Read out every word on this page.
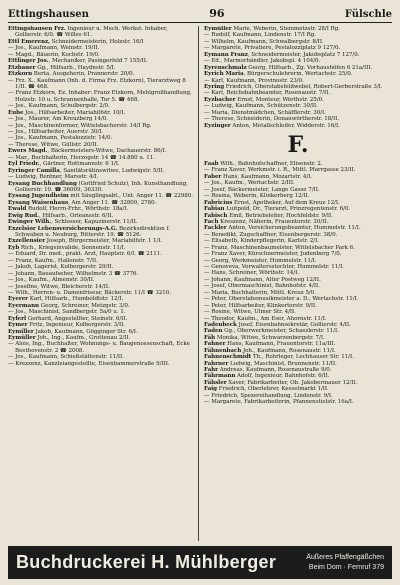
Ettingshausen	96	Fülschle

Ettingshausen Frz. Ingenieur u. Mech. Werkst. Inhaber, Gollierstr. 6/0. ☎ Willes 61.

Ettl Emerenz, Schneidermeisterin, Holzstr. 16/I

— Jos., Kaufmann, Weinstr. 19/II.

— Magd., Bäuerin, Kochstr. 19/0.

Ettlinger Jos., Mechaniker, Pasingerfeld 7 155/II.

Etzbauer Gg., Hilfsarb., Haydnstr. 5/I.

Etzkorn Berta, Ausgeherin, Prannerstr. 20/0.

— Frz. X., Kaufmann (Inh. d. Firma Frz. Etzkorn), Tierarztweg 8 1/II. ☎ 468.

— Franz Etzkorn, Ez. Inhaber: Franz Etzkorn, Mehlgroßhandlung, Holzstr. 10 u. Schrannenhalle, Tor 5. ☎ 468.

— Jos., Kaufmann, Schulbergstr. 2/0.

Eube Jos., Hilfsarbeiter, Mariahilfstr. 10/I.

— Jos., Maurer, Am Kreuzberg 14/0.

— Jos., Maschinenformer, Wittelsbacherstr. 14/I Rg.

— Jos., Hilfsarbeiter, Auerstr. 30/I.

— Jos., Kaufmann, Pestalozzistr. 14/0.

— Therese, Witwe, Güllstr. 20/II.

Ewers Magd., Bäckermeisters-Witwe, Dachauerstr. 86/I.

— Mar., Buchhalterin, Herzogstr. 14 ☎ 14.880 u. 11.

Eyl Friedr., Gärtner, Rottmannstr. 6 1/I.

Eyringer Camilla, Sanitätsrätinswitwe, Ludwigstr. 5/II.

— Ludwig, Rentner, Marsstr. 4/I.

Eysang Buchhandlung (Gottfried Schulz), Inh. Kunsthandlung, Gollierstr. 10. ☎ 36009, 36330.

Eysang Jugendheim mit Säuglingsabt., Unt. Anger 11. ☎ 22980.

Eysang Waisenhaus, Am Anger 11. ☎ 32809, 2780.

Ewald Rudolf, Herrn-Frhr., Wörthstr. 18a/I.

Ewig Rud., Hilfsarb., Orleansstr. 6/II.

Ewinger Wilh., Schlosser, Kapuzinerstr. 11/II.

Exzelsior Lebensversicherungs-A.G. Bezirksdirektion f. Schwaben u. Neuburg, Ritterstr. 19. ☎ 5126.

Exzellensier Joseph, Bürgermeister, Mariahilfstr. 1 1/I.

Eyb Rich., Kriegsinvalide, Sonnenstr. 11/I.

— Eduard, Dr. med., prakt. Arzt, Hauptstr. 6/I. ☎ 2111.

— Franz, Kaufm., Hallenstr. 7/II.

— Jakob, Lagerist, Kolbergerstr. 29/II.

— Johann, Bauaufseher, Wilhelmstr. 3 ☎ 3776.

— Jos., Kaufm., Almenstr. 30/II.

— Josefine, Witwe, Bleicherstr. 14/II.

— Wilh., Herren- u. Damenfriseur, Bäckerstr. 11/I ☎ 3210.

Eyerer Karl, Hilfsarb., Humboldtstr. 12/I.

Eyermann Georg, Schreiner, Metzgstr. 3/0.

— Jos., Maschinist, Sandbergstr. 5a/0 u. 1.

Eyferl Gerhard, Angestellter, Steinstr. 6/II.

Eymer Fritz, Ingenieur, Kolbergerstr. 3/II.

Eymiller Jakob, Kaufmann, Gögginger Str. 6/I.

Eymüller Joh., Ing., Kaufm., Grottenau 2/II.

— Alois, Ing., Buchhalter, Wohnungs- u. Baugenossenschaft, Ecke Beethovenstr. 2 ☎ 2008.

— Jos., Kaufmann, Schießstättenstr. 11/II.

— Krezzenz, Kanzleiangestellte, Eisenhammerstraße 9/III.

Eymüller Marie, Weberin, Steinmetzstr. 28/I Rg.

— Rudolf, Kaufmann, Lindenstr. 17/I Rg.

— Wilhelm, Kaufmann, Schwalbergstr. 8/II.

— Margarete, Privatiere, Pestalozziplatz 9 127/0.

Eymann Franz, Schneidermeister, Jakobsplatz 7 127/0.

— Ed., Marmorhändler, Jakobspl. 4 104/0.

Eyrenschmalz Georg, Hilfsarb., Zg. Vorhaushöfen 6 21a/III.

Eyrich Maria, Bürgerschulehrerin, Wertachstr. 25/0.

— Karl, Kaufmann, Provinostr. 23/0.

Eyring Friedrich, Oberstabsfeldwebel, Robert-Gerberstraße 3/I.

— Karl, Reichsbahnbeamter, Rosenaustr. 7/II.

Eyzbacher Ernst, Monteur, Wörthstr. 25/0.

— Ludwig, Kaufmann, Schützenstr. 30/II.

— Maria, Dienstmädchen, Schäfflerstr. 30/I.

— Therese, Schneiderin, Donauwörtherstr. 18/II.

Eyzinger Anton, Metallschleifer, Widderstr. 16/I.

F.

Faab Wilh., Bahnhofschaffner, Elisenstr. 2.

— Franz Xaver, Werkmstr. i. R., Mittl. Pfarrgasse 23/II.

Faber Hans, Kaufmann, Mozartstr. 4/I.

— Jos., Kaufm., Wertachstr. 2/III.

— Josef, Bäckermeister, Lange Gasse 7/II.

— Rosina, Weberin, Klinkerberg 12/II.

Fabricius Ernst, Apotheker, Auf dem Kreuz 12/I.

Fabian Luitpold, Dr., Tierarzt, Prinzregentenstr. 6/0.

Fabisch Emil, Betriebsleiter, Hochfeldstr. 9/II.

Fach Kreszenz, Näherin, Frauentorstr. 30/II.

Fackler Anton, Versicherungsbeamter, Hummelstr. 11/I.

— Benedikt, Zugschaffner, Eisenbergerstr. 38/0.

— Elisabeth, Kinderpflegerin, Karlstr. 2/I.

— Franz, Maschinenbaumeister, Wittelsbacher Park 6.

— Franz Xaver, Kürschnermeister, Judenberg 7/0.

— Georg, Werkmeister, Hummelstr. 11/I.

— Genoveva, Vorwaltersstochter, Hummelstr. 11/I.

— Hans, Schreiner, Wörthstr. 14/I.

— Johann, Kaufmann, Alter Postweg 12/II.

— Josef, Obermaschinist, Bahnhofstr. 4/II.

— Maria, Buchhalterin, Mittl. Kreuz 5/0.

— Peter, Oberstabsmusikmeister a. D., Wertachstr. 11/I.

— Peter, Hilfsarbeiter, Klinkertorstr. 9/II.

— Rosine, Witwe, Ulmer Str. 4/II.

— Theodor, Kaufm., Am Eser, Ahornstr. 11/I.

Fadenbeck Josef, Eisenbahnsekretär, Gollierstr. 4/II.

Faden Gg., Oberwerkmeister, Schaezlerstr. 11/I.

Fäh Monika, Witwe, Schwarzenbergstr. 7/I.

Fahner Hans, Kaufmann, Frauentorstr. 11a/III.

Fähnenbach Joh., Kaufmann, Rosenaustr. 11/I.

Fahnenschmidt Th., Rohrleger, Lechhauser Str. 11/I.

Fahrner Ludwig, Maschinist, Brunnenstr. 11/II.

Fahr Andreas, Kaufmann, Rosenaustraße 9/0.

Fährmann Adolf, Ingenieur, Bahnhofstr. 6/II.

Fähsler Xaver, Fabrikarbeiter, Ob. Jakobermauer 12/II.

Faig Friedrich, Oberlehrer, Kesselmarkt 1/II.

— Friedrich, Spezereihandlung, Lindenstr. 9/I.

— Margarete, Fabrikarbeiterin, Pfannenstielstr. 16a/I.

Buchdruckerei H. Mühlberger	Äußeres Pfaffengäßchen
Beim Dom · Fernruf 379
